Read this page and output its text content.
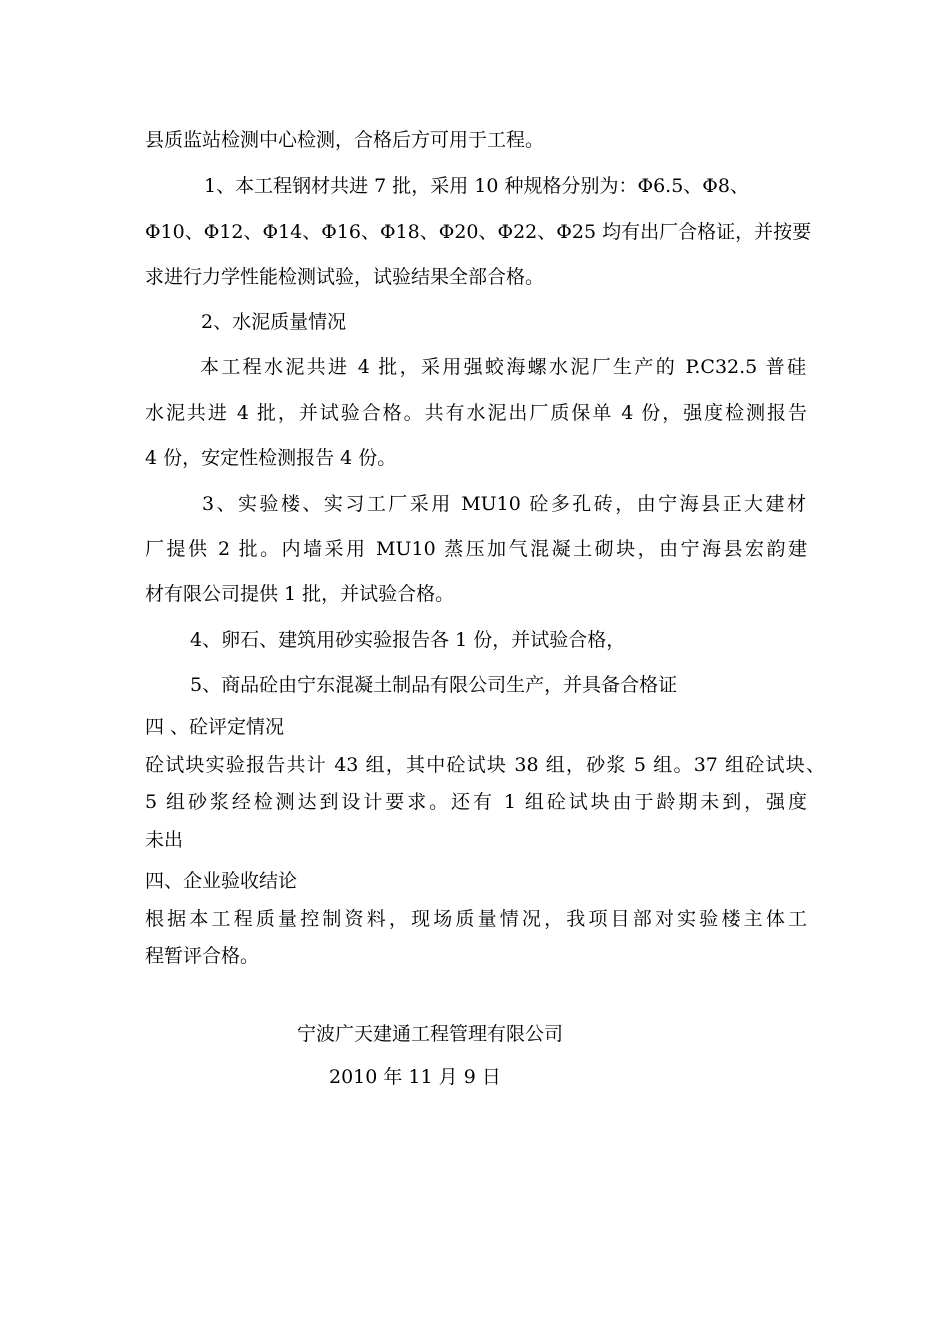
县质监站检测中心检测，合格后方可用于工程。
1、本工程钢材共进 7 批，采用 10 种规格分别为：Φ6.5、Φ8、
Φ10、Φ12、Φ14、Φ16、Φ18、Φ20、Φ22、Φ25 均有出厂合格证，并按要
求进行力学性能检测试验，试验结果全部合格。
2、水泥质量情况
本工程水泥共进 4 批，采用强蛟海螺水泥厂生产的 P.C32.5 普硅
水泥共进 4 批，并试验合格。共有水泥出厂质保单 4 份，强度检测报告
4 份，安定性检测报告 4 份。
3、实验楼、实习工厂采用 MU10 砼多孔砖，由宁海县正大建材
厂提供 2 批。内墙采用 MU10 蒸压加气混凝土砌块，由宁海县宏韵建
材有限公司提供 1 批，并试验合格。
4、卵石、建筑用砂实验报告各 1 份，并试验合格，
5、商品砼由宁东混凝土制品有限公司生产，并具备合格证
四 、砼评定情况
砼试块实验报告共计 43 组，其中砼试块 38 组，砂浆 5 组。37 组砼试块、
5 组砂浆经检测达到设计要求。还有 1 组砼试块由于龄期未到，强度
未出
四、企业验收结论
根据本工程质量控制资料，现场质量情况，我项目部对实验楼主体工
程暂评合格。
宁波广天建通工程管理有限公司
2010 年 11 月 9 日
